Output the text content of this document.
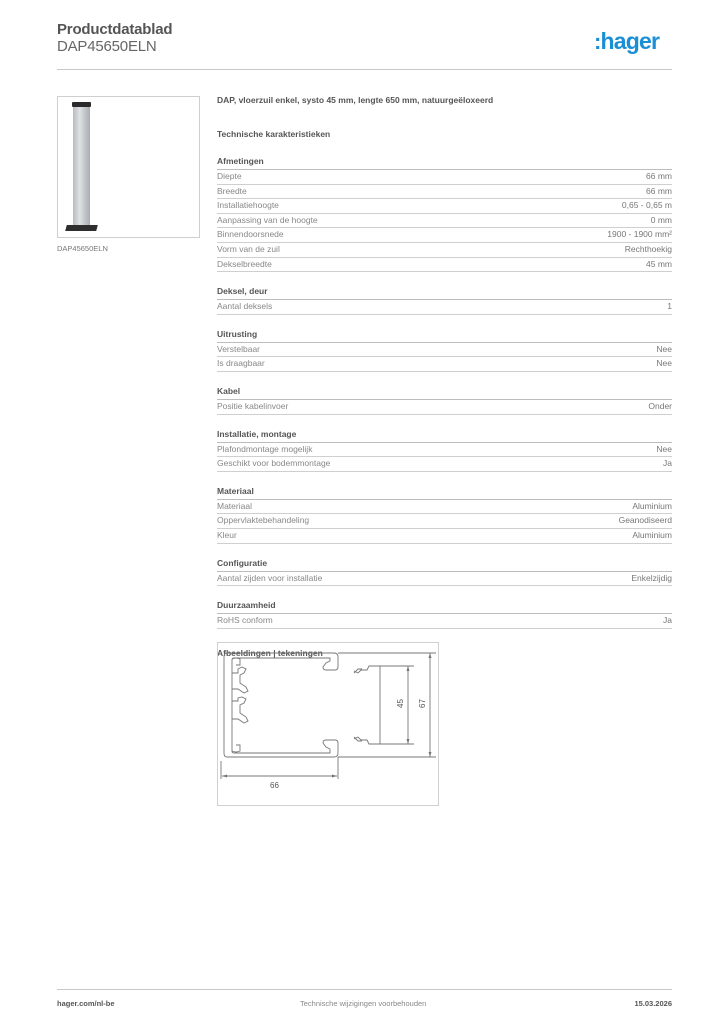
Productdatablad
DAP45650ELN	:hager
DAP45650ELN
DAP, vloerzuil enkel, systo 45 mm, lengte 650 mm, natuurgeëloxeerd
Technische karakteristieken
Afmetingen
Diepte	66 mm
Breedte	66 mm
Installatiehoogte	0,65 - 0,65 m
Aanpassing van de hoogte	0 mm
Binnendoorsnede	1900 - 1900 mm²
Vorm van de zuil	Rechthoekig
Dekselbreedte	45 mm
Deksel, deur
Aantal deksels	1
Uitrusting
Verstelbaar	Nee
Is draagbaar	Nee
Kabel
Positie kabelinvoer	Onder
Installatie, montage
Plafondmontage mogelijk	Nee
Geschikt voor bodemmontage	Ja
Materiaal
Materiaal	Aluminium
Oppervlaktebehandeling	Geanodiseerd
Kleur	Aluminium
Configuratie
Aantal zijden voor installatie	Enkelzijdig
Duurzaamheid
RoHS conform	Ja
Afbeeldingen | tekeningen
66
45 67
hager.com/nl-be	Technische wijzigingen voorbehouden	15.03.2026
